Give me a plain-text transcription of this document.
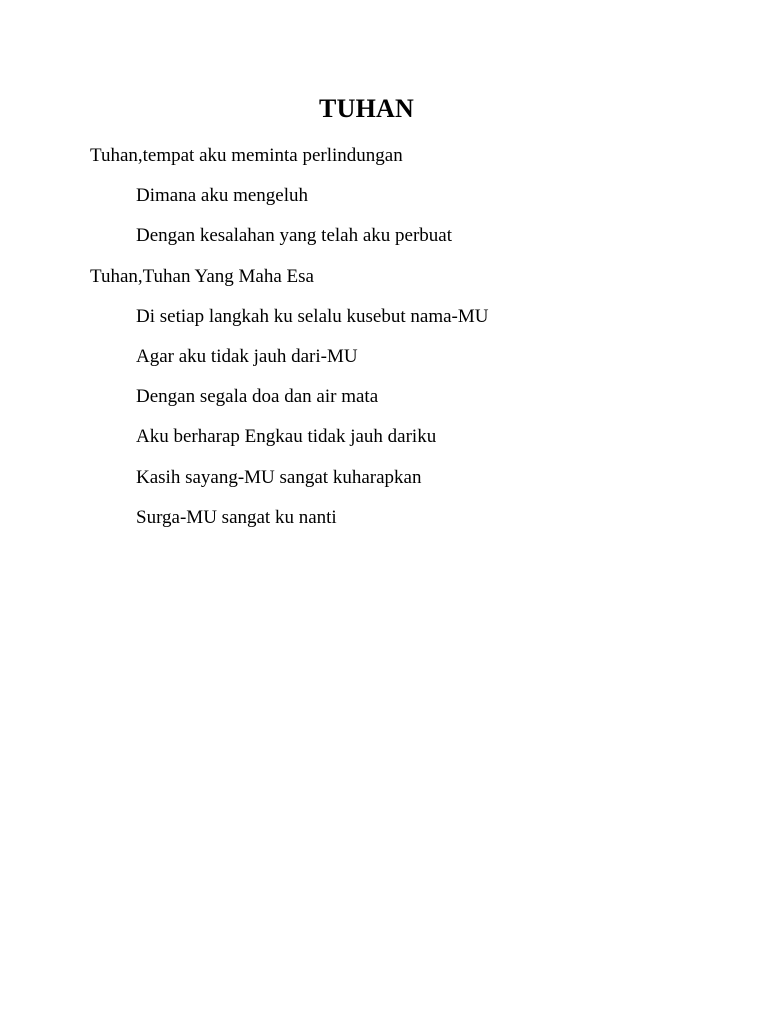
TUHAN
Tuhan,tempat aku meminta perlindungan
Dimana aku mengeluh
Dengan kesalahan yang telah aku perbuat
Tuhan,Tuhan Yang Maha Esa
Di setiap langkah ku selalu kusebut nama-MU
Agar aku tidak jauh dari-MU
Dengan segala doa dan air mata
Aku berharap Engkau tidak jauh dariku
Kasih sayang-MU sangat kuharapkan
Surga-MU sangat ku nanti
